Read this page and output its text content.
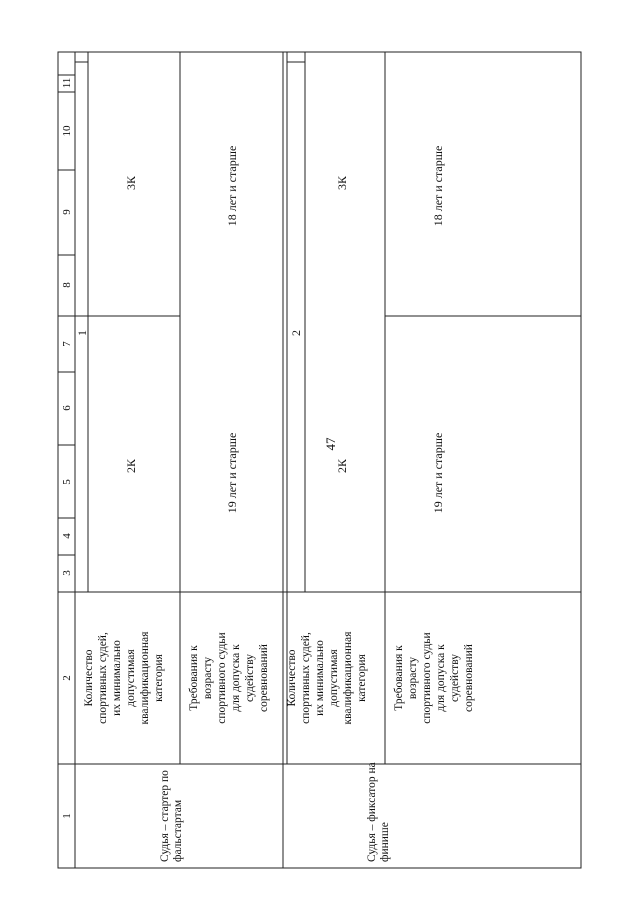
47
1
2
3
4
5
6
7
8
9
10
11
Судья – стартер по фальстартам
Количество спортивных судей, их минимально допустимая квалификационная категория Требования к возрасту спортивного судьи для допуска к судейству соревнований
1
2К
3К
19 лет и старше
18 лет и старше
Судья – фиксатор на финише
Количество спортивных судей, их минимально допустимая квалификационная категория Требования к возрасту спортивного судьи для допуска к судейству соревнований
2
2К
3К
19 лет и старше
18 лет и старше
